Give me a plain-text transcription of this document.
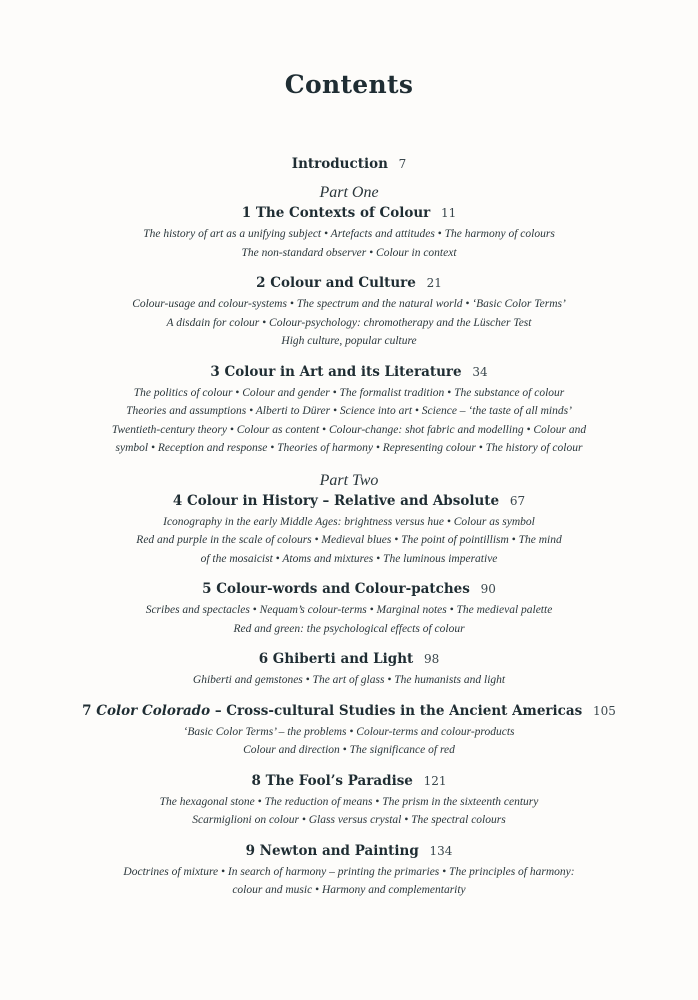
Contents
Introduction 7
Part One
1 The Contexts of Colour 11
The history of art as a unifying subject • Artefacts and attitudes • The harmony of colours
The non-standard observer • Colour in context
2 Colour and Culture 21
Colour-usage and colour-systems • The spectrum and the natural world • ‘Basic Color Terms’
A disdain for colour • Colour-psychology: chromotherapy and the Lüscher Test
High culture, popular culture
3 Colour in Art and its Literature 34
The politics of colour • Colour and gender • The formalist tradition • The substance of colour
Theories and assumptions • Alberti to Dürer • Science into art • Science – ‘the taste of all minds’
Twentieth-century theory • Colour as content • Colour-change: shot fabric and modelling • Colour and
symbol • Reception and response • Theories of harmony • Representing colour • The history of colour
Part Two
4 Colour in History – Relative and Absolute 67
Iconography in the early Middle Ages: brightness versus hue • Colour as symbol
Red and purple in the scale of colours • Medieval blues • The point of pointillism • The mind
of the mosaicist • Atoms and mixtures • The luminous imperative
5 Colour-words and Colour-patches 90
Scribes and spectacles • Nequam’s colour-terms • Marginal notes • The medieval palette
Red and green: the psychological effects of colour
6 Ghiberti and Light 98
Ghiberti and gemstones • The art of glass • The humanists and light
7 Color Colorado – Cross-cultural Studies in the Ancient Americas 105
‘Basic Color Terms’ – the problems • Colour-terms and colour-products
Colour and direction • The significance of red
8 The Fool’s Paradise 121
The hexagonal stone • The reduction of means • The prism in the sixteenth century
Scarmiglioni on colour • Glass versus crystal • The spectral colours
9 Newton and Painting 134
Doctrines of mixture • In search of harmony – printing the primaries • The principles of harmony:
colour and music • Harmony and complementarity
